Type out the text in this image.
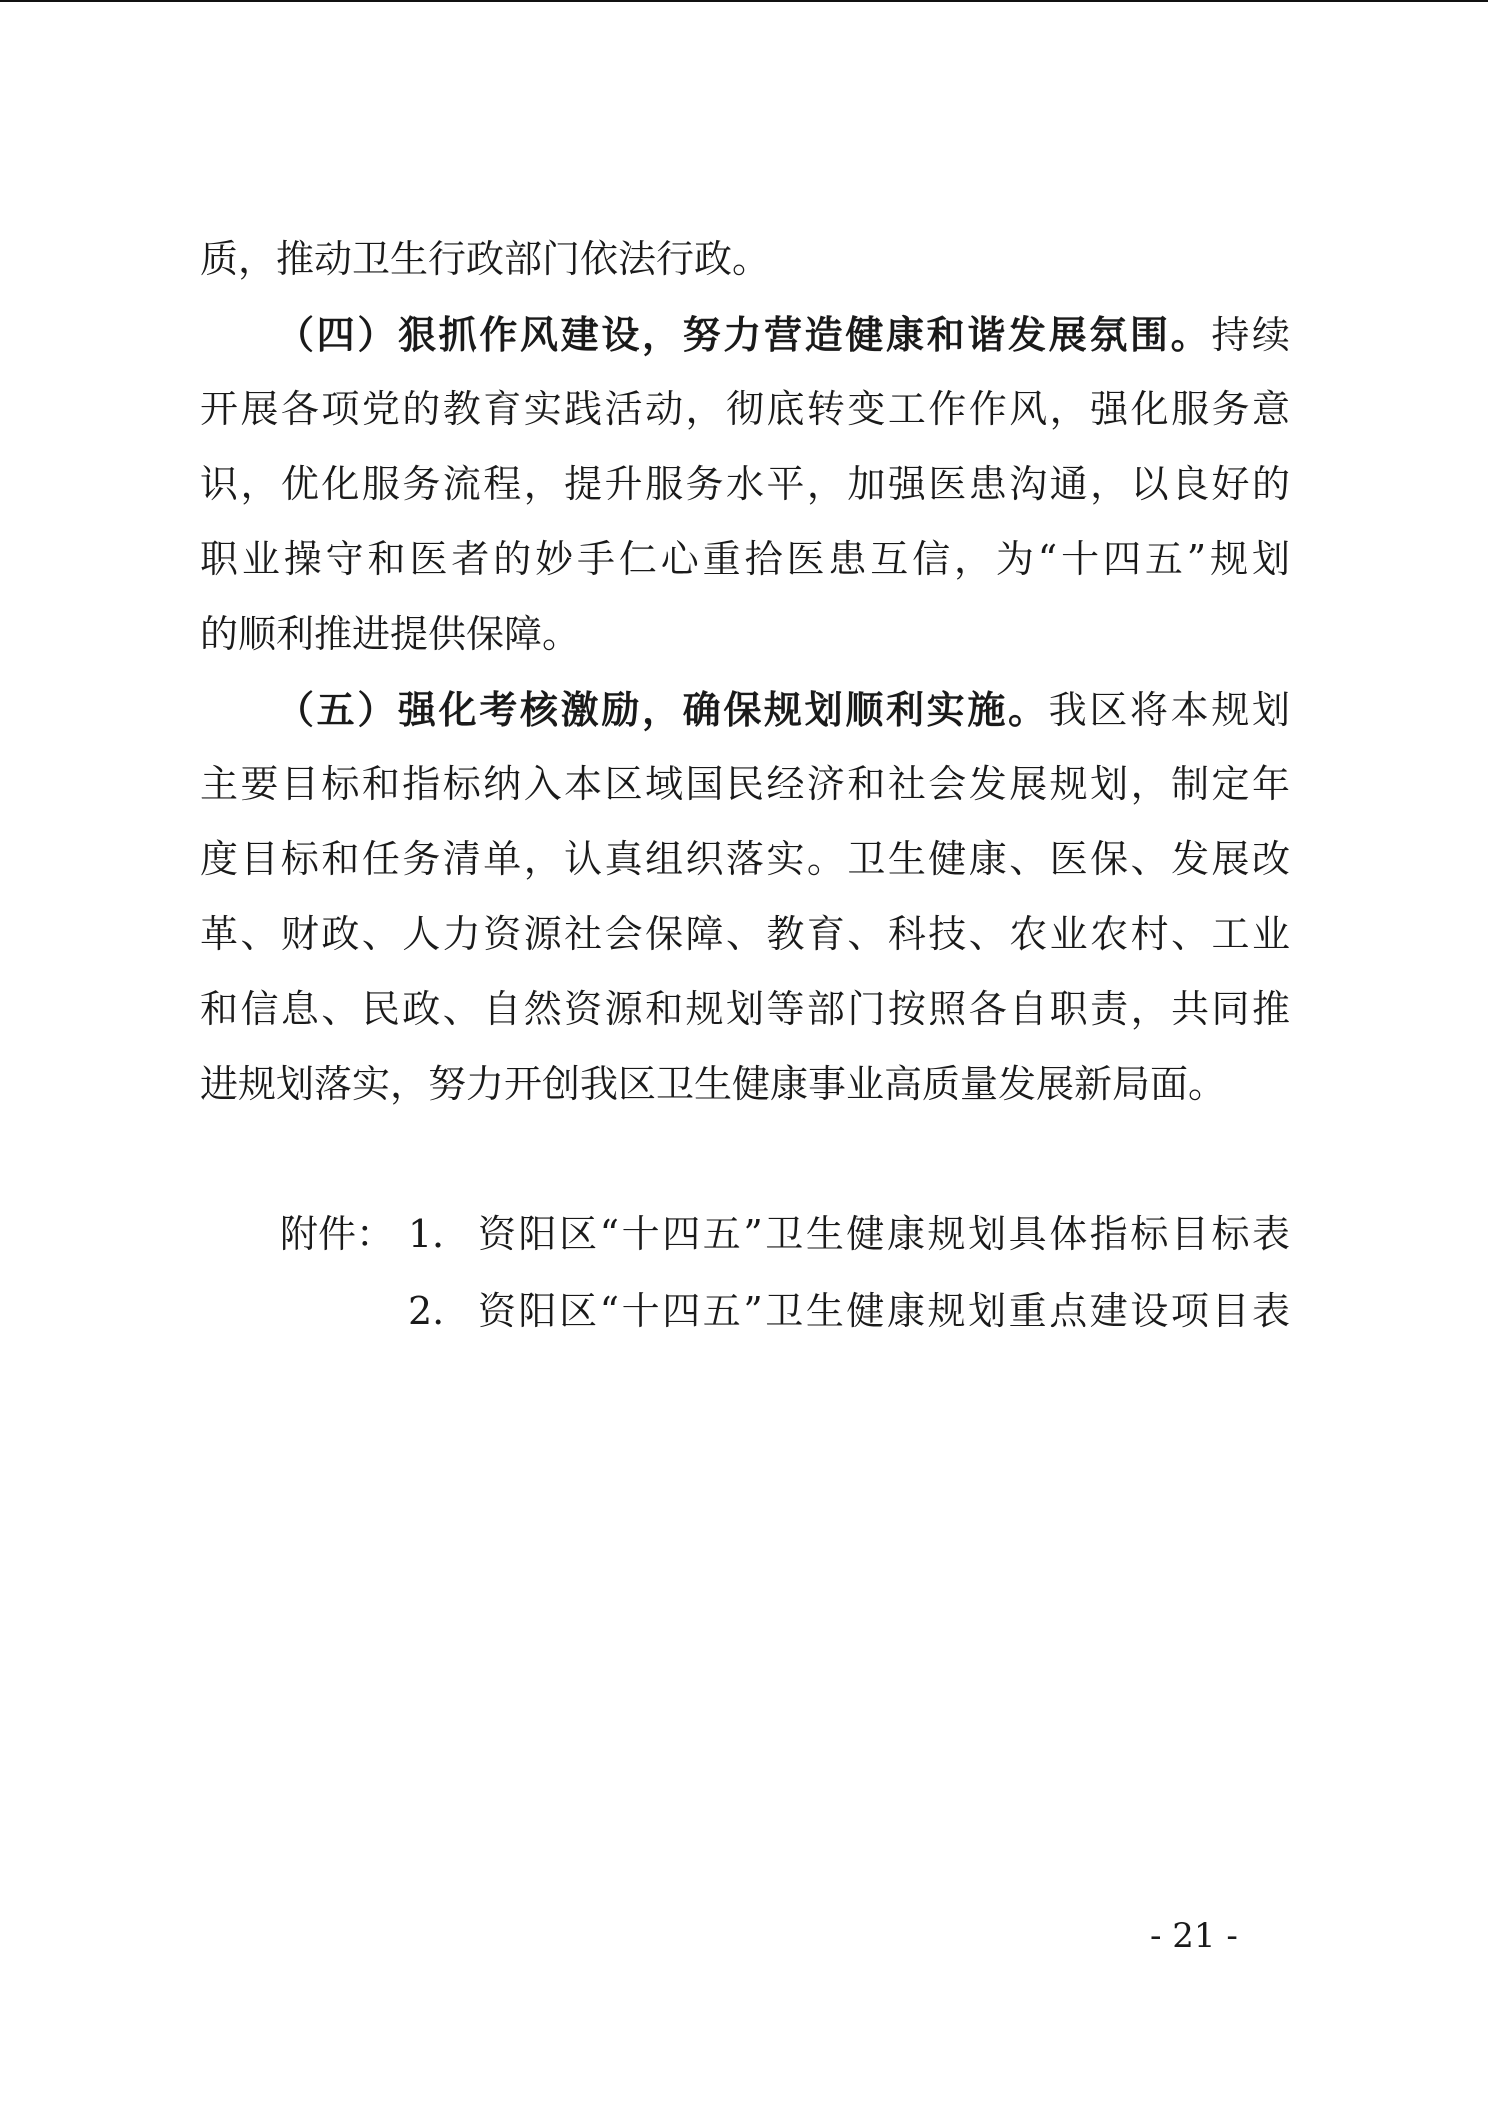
质，推动卫生行政部门依法行政。
（四）狠抓作风建设，努力营造健康和谐发展氛围。持续
开展各项党的教育实践活动，彻底转变工作作风，强化服务意
识，优化服务流程，提升服务水平，加强医患沟通，以良好的
职业操守和医者的妙手仁心重拾医患互信，为“十四五”规划
的顺利推进提供保障。
（五）强化考核激励，确保规划顺利实施。我区将本规划
主要目标和指标纳入本区域国民经济和社会发展规划，制定年
度目标和任务清单，认真组织落实。卫生健康、医保、发展改
革、财政、人力资源社会保障、教育、科技、农业农村、工业
和信息、民政、自然资源和规划等部门按照各自职责，共同推
进规划落实，努力开创我区卫生健康事业高质量发展新局面。
附件： 1． 资阳区“十四五”卫生健康规划具体指标目标表
2. 资阳区“十四五”卫生健康规划重点建设项目表
- 21 -
